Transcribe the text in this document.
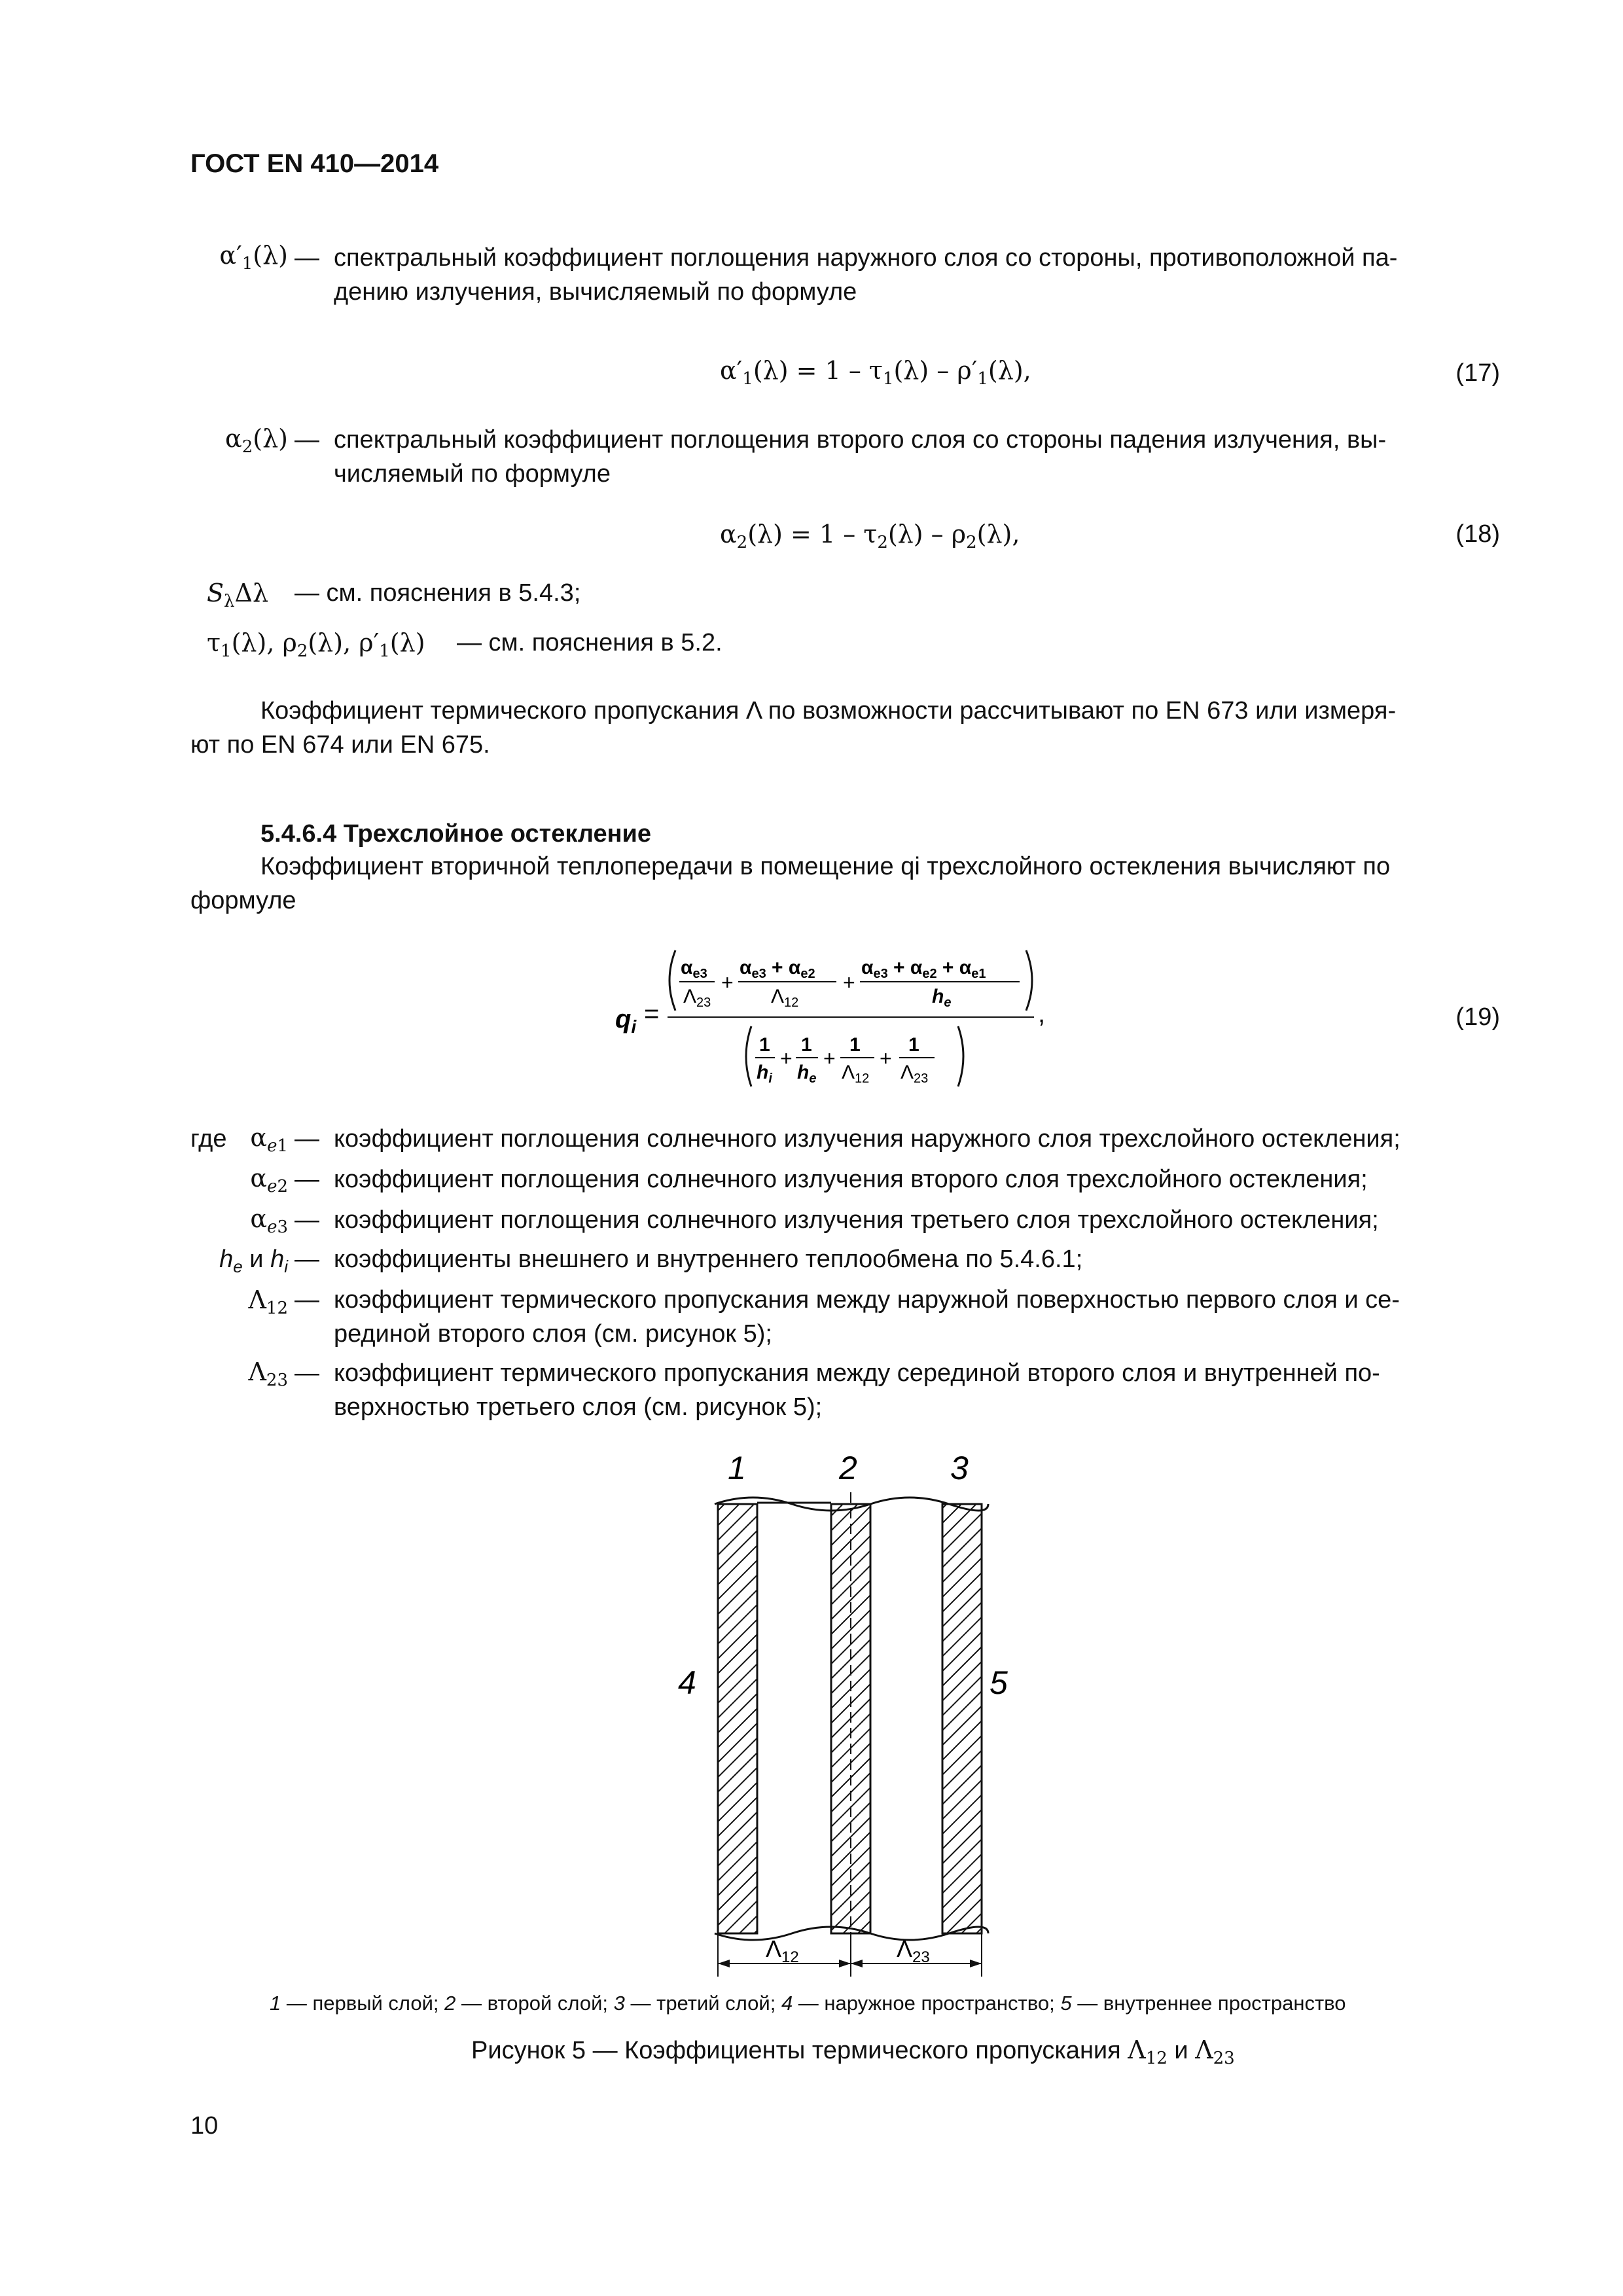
ГОСТ EN 410—2014
$\alpha'_1(\lambda)$ — спектральный коэффициент поглощения наружного слоя со стороны, противоположной па-
дению излучения, вычисляемый по формуле
$\alpha'_1(\lambda) = 1 - \tau_1(\lambda) - \rho'_1(\lambda)$,	(17)
$\alpha_2(\lambda)$ — спектральный коэффициент поглощения второго слоя со стороны падения излучения, вы-
числяемый по формуле
$\alpha_2(\lambda) = 1 - \tau_2(\lambda) - \rho_2(\lambda)$,	(18)
$S_\lambda\Delta\lambda$ — см. пояснения в 5.4.3;
$\tau_1(\lambda)$, $\rho_2(\lambda)$, $\rho'_1(\lambda)$ — см. пояснения в 5.2.
Коэффициент термического пропускания Λ по возможности рассчитывают по EN 673 или измеря-
ют по EN 674 или EN 675.
5.4.6.4 Трехслойное остекление
Коэффициент вторичной теплопередачи в помещение qi трехслойного остекления вычисляют по
формуле
$q_i$ =
$\alpha_{e3}$
$\Lambda_{23}$
+
$\alpha_{e3} + \alpha_{e2}$
$\Lambda_{12}$
+
$\alpha_{e3} + \alpha_{e2} + \alpha_{e1}$
$h_e$	,
1
$h_i$
+
1
$h_e$
+
1
$\Lambda_{12}$
+
1
$\Lambda_{23}$
(19)
где $\alpha_{e1}$ — коэффициент поглощения солнечного излучения наружного слоя трехслойного остекления;
$\alpha_{e2}$ — коэффициент поглощения солнечного излучения второго слоя трехслойного остекления;
$\alpha_{e3}$ — коэффициент поглощения солнечного излучения третьего слоя трехслойного остекления;
$h_e$ и $h_i$ — коэффициенты внешнего и внутреннего теплообмена по 5.4.6.1;
$\Lambda_{12}$ — коэффициент термического пропускания между наружной поверхностью первого слоя и се-
рединой второго слоя (см. рисунок 5);
$\Lambda_{23}$ — коэффициент термического пропускания между серединой второго слоя и внутренней по-
верхностью третьего слоя (см. рисунок 5);
1	2	3
4	5
$\Lambda_{12}$	$\Lambda_{23}$
1 — первый слой; 2 — второй слой; 3 — третий слой; 4 — наружное пространство; 5 — внутреннее пространство
Рисунок 5 — Коэффициенты термического пропускания $\Lambda_{12}$ и $\Lambda_{23}$
10
